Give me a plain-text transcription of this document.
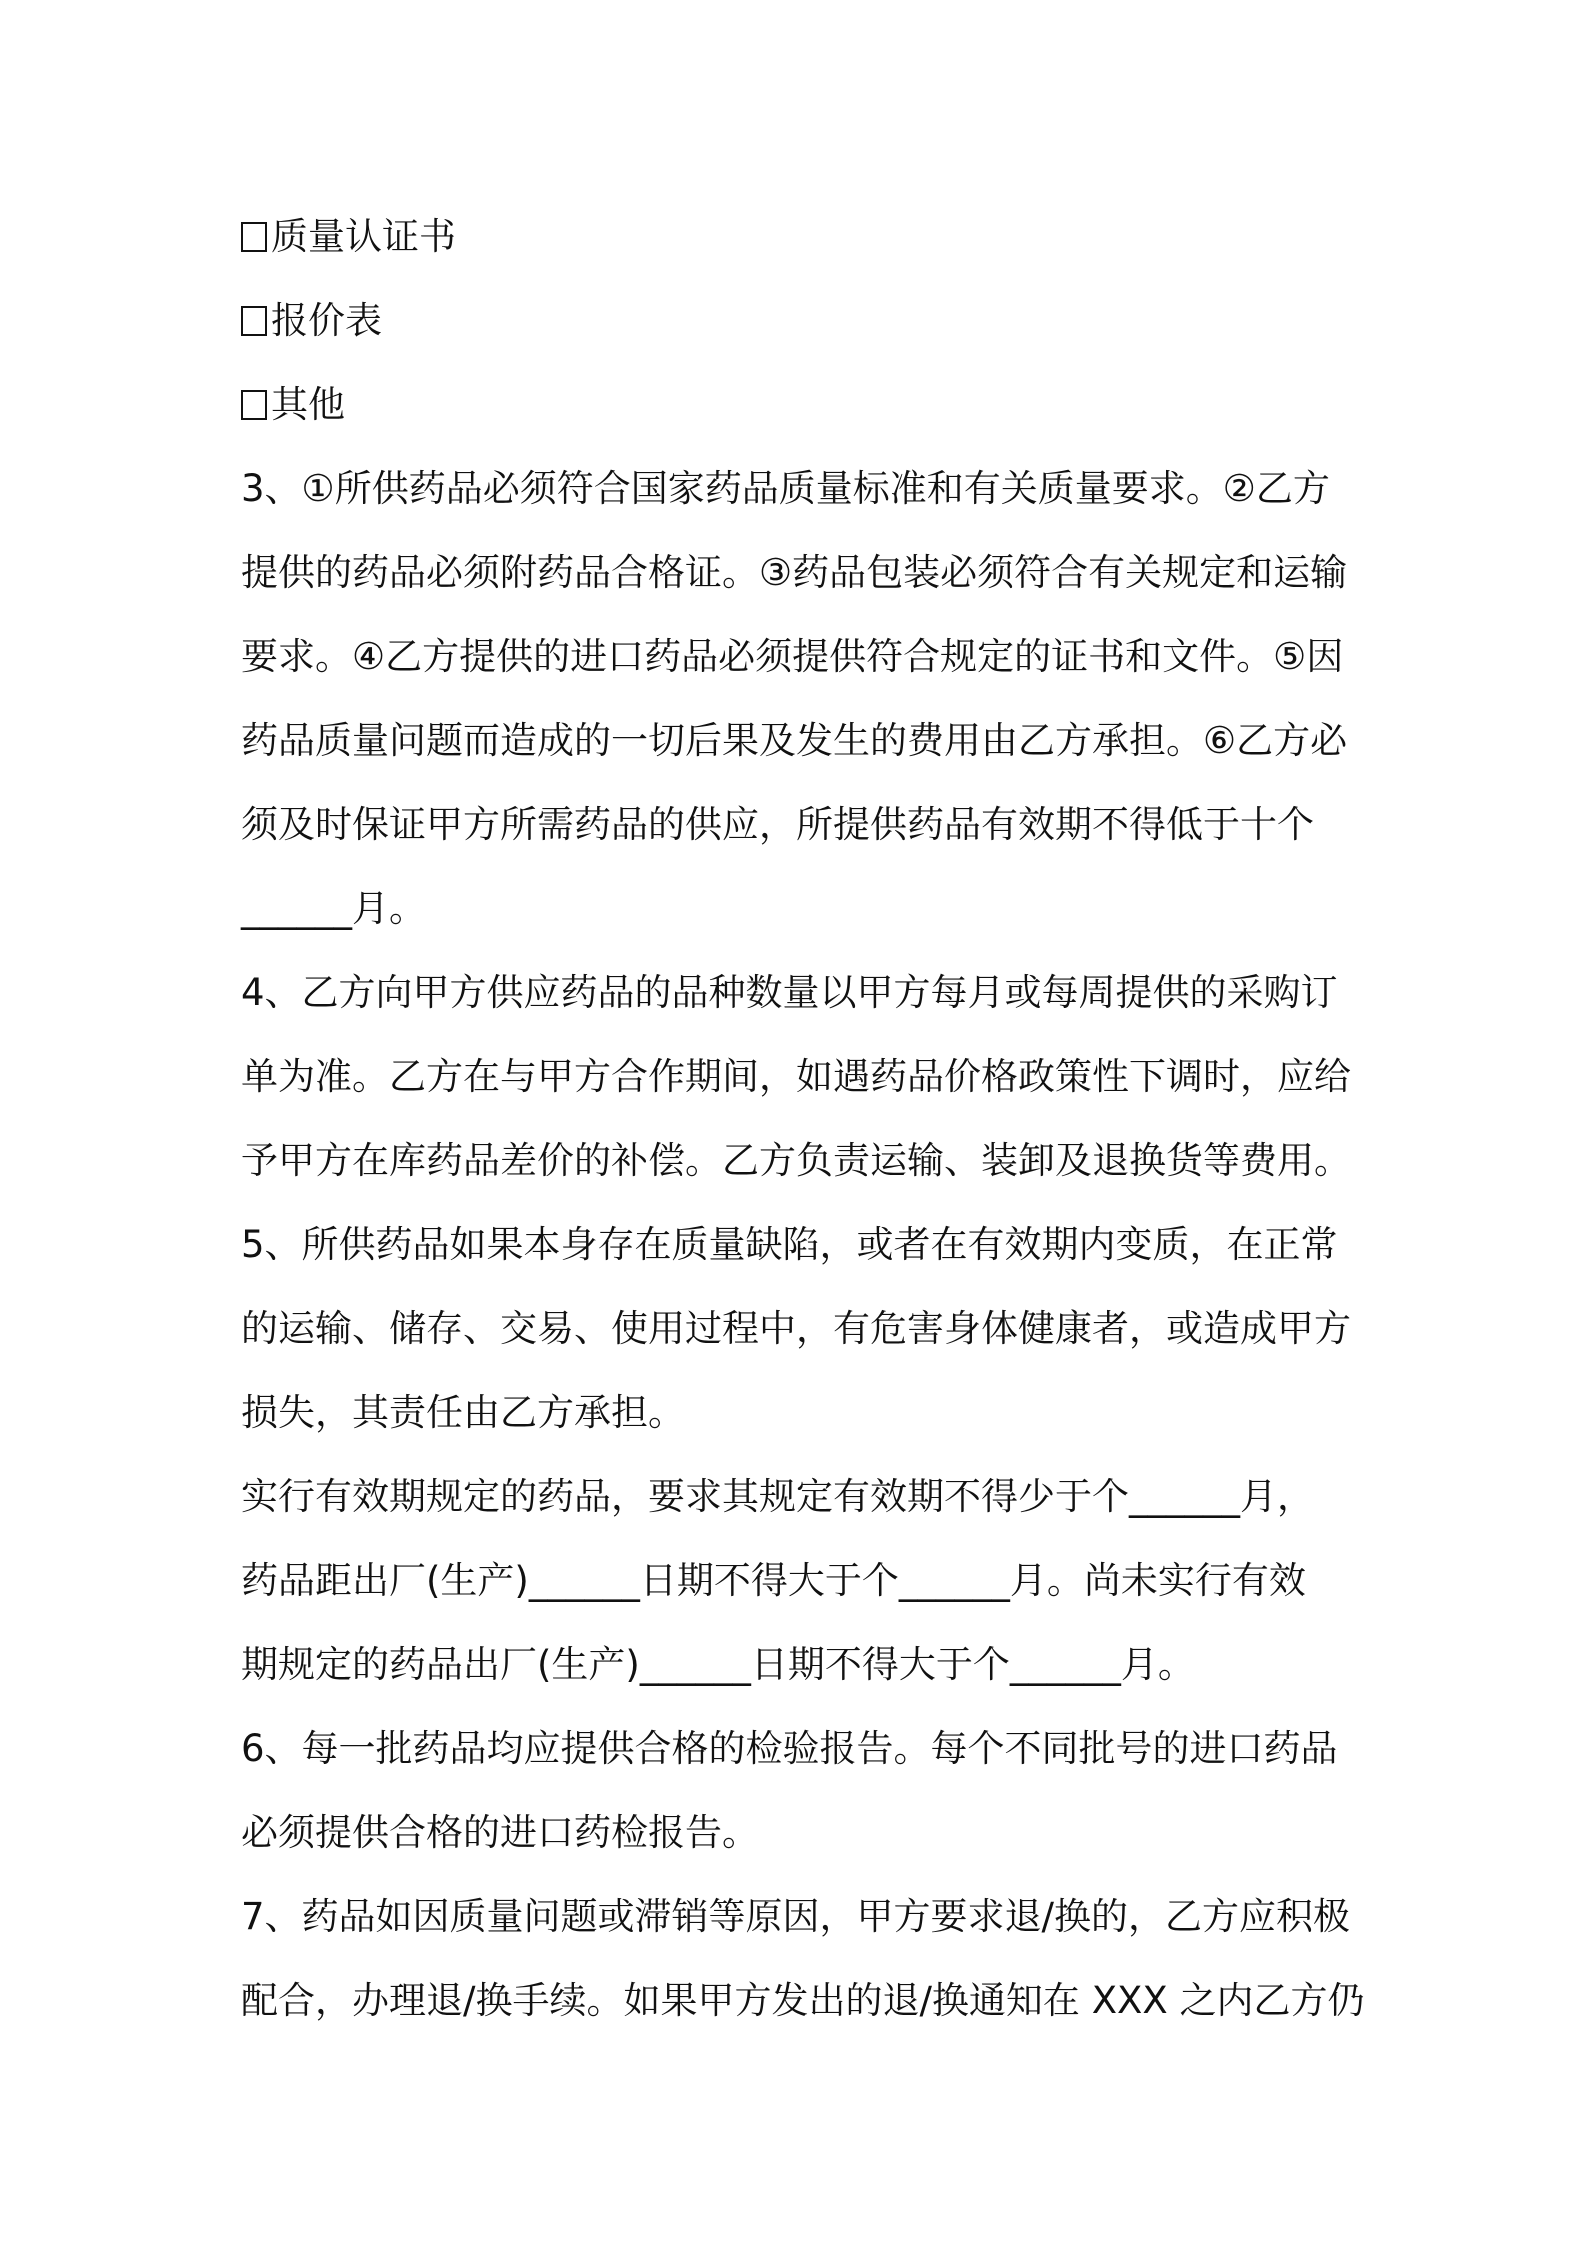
质量认证书
报价表
其他
3、①所供药品必须符合国家药品质量标准和有关质量要求。②乙方
提供的药品必须附药品合格证。③药品包装必须符合有关规定和运输
要求。④乙方提供的进口药品必须提供符合规定的证书和文件。⑤因
药品质量问题而造成的一切后果及发生的费用由乙方承担。⑥乙方必
须及时保证甲方所需药品的供应，所提供药品有效期不得低于十个
______月。
4、乙方向甲方供应药品的品种数量以甲方每月或每周提供的采购订
单为准。乙方在与甲方合作期间，如遇药品价格政策性下调时，应给
予甲方在库药品差价的补偿。乙方负责运输、装卸及退换货等费用。
5、所供药品如果本身存在质量缺陷，或者在有效期内变质，在正常
的运输、储存、交易、使用过程中，有危害身体健康者，或造成甲方
损失，其责任由乙方承担。
实行有效期规定的药品，要求其规定有效期不得少于个______月，
药品距出厂(生产)______日期不得大于个______月。尚未实行有效
期规定的药品出厂(生产)______日期不得大于个______月。
6、每一批药品均应提供合格的检验报告。每个不同批号的进口药品
必须提供合格的进口药检报告。
7、药品如因质量问题或滞销等原因，甲方要求退/换的，乙方应积极
配合，办理退/换手续。如果甲方发出的退/换通知在 XXX 之内乙方仍
